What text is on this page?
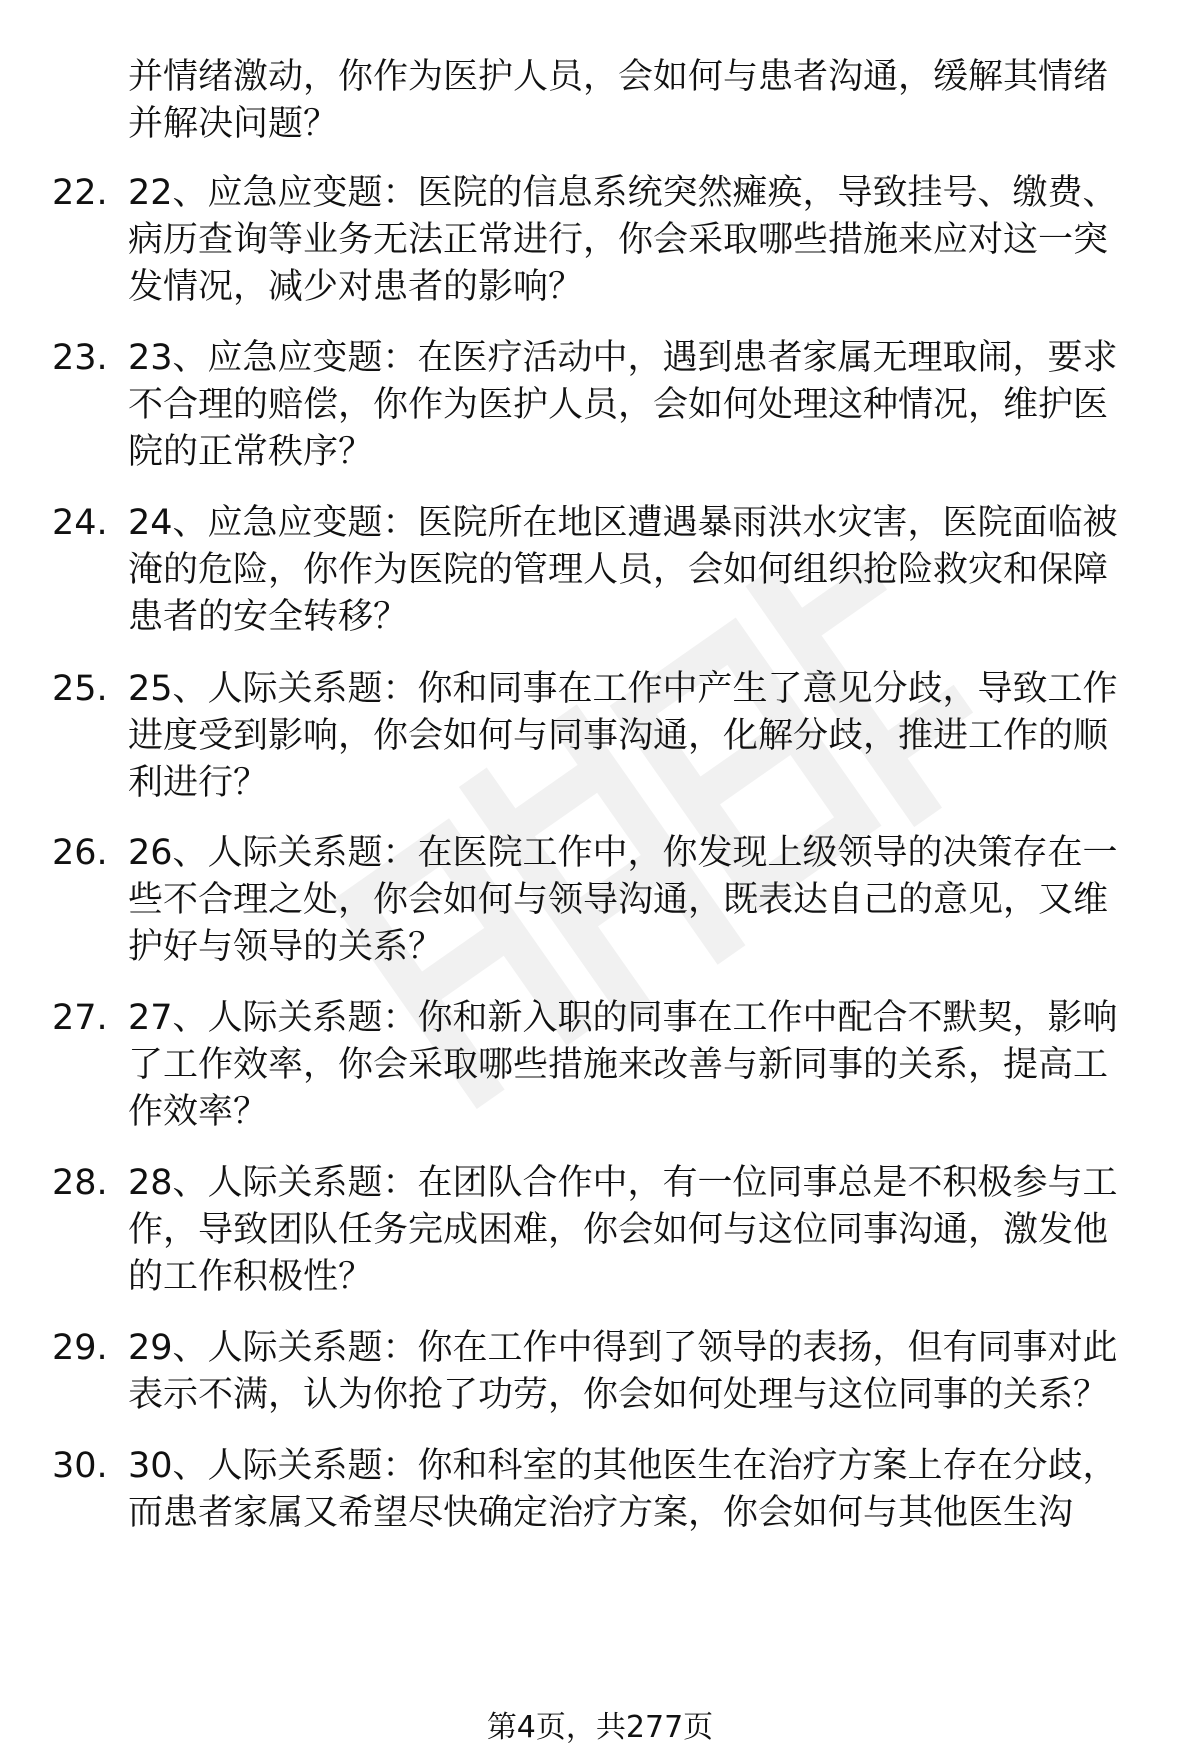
并情绪激动，你作为医护人员，会如何与患者沟通，缓解其情绪
并解决问题？
22. 22、应急应变题：医院的信息系统突然瘫痪，导致挂号、缴费、
病历查询等业务无法正常进行，你会采取哪些措施来应对这一突
发情况，减少对患者的影响？
23. 23、应急应变题：在医疗活动中，遇到患者家属无理取闹，要求
不合理的赔偿，你作为医护人员，会如何处理这种情况，维护医
院的正常秩序？
24. 24、应急应变题：医院所在地区遭遇暴雨洪水灾害，医院面临被
淹的危险，你作为医院的管理人员，会如何组织抢险救灾和保障
患者的安全转移？
25. 25、人际关系题：你和同事在工作中产生了意见分歧，导致工作
进度受到影响，你会如何与同事沟通，化解分歧，推进工作的顺
利进行？
26. 26、人际关系题：在医院工作中，你发现上级领导的决策存在一
些不合理之处，你会如何与领导沟通，既表达自己的意见，又维
护好与领导的关系？
27. 27、人际关系题：你和新入职的同事在工作中配合不默契，影响
了工作效率，你会采取哪些措施来改善与新同事的关系，提高工
作效率？
28. 28、人际关系题：在团队合作中，有一位同事总是不积极参与工
作，导致团队任务完成困难，你会如何与这位同事沟通，激发他
的工作积极性？
29. 29、人际关系题：你在工作中得到了领导的表扬，但有同事对此
表示不满，认为你抢了功劳，你会如何处理与这位同事的关系？
30. 30、人际关系题：你和科室的其他医生在治疗方案上存在分歧，
而患者家属又希望尽快确定治疗方案，你会如何与其他医生沟
第4页，共277页
